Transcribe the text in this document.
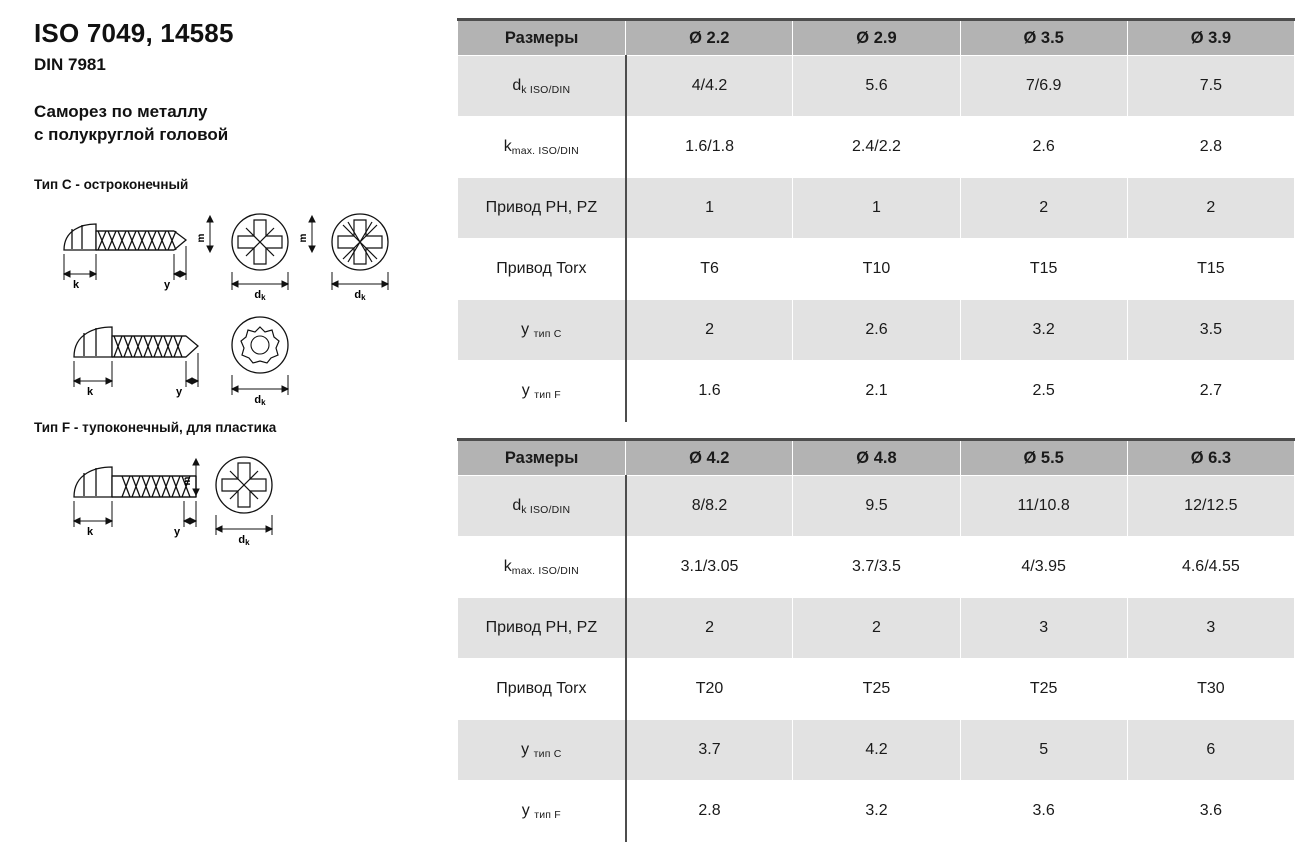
ISO 7049, 14585
DIN 7981
Саморез по металлу
с полукруглой головой
Тип C - остроконечный
k	y
dk
m
dk
m
k	y
dk
Тип F - тупоконечный, для пластика
k	y
dk
m
Размеры	Ø 2.2	Ø 2.9	Ø 3.5	Ø 3.9
dk ISO/DIN	4/4.2	5.6	7/6.9	7.5
kmax. ISO/DIN	1.6/1.8	2.4/2.2	2.6	2.8
Привод PH, PZ	1	1	2	2
Привод Torx	T6	T10	T15	T15
y тип C	2	2.6	3.2	3.5
y тип F	1.6	2.1	2.5	2.7
Размеры	Ø 4.2	Ø 4.8	Ø 5.5	Ø 6.3
dk ISO/DIN	8/8.2	9.5	11/10.8	12/12.5
kmax. ISO/DIN	3.1/3.05	3.7/3.5	4/3.95	4.6/4.55
Привод PH, PZ	2	2	3	3
Привод Torx	T20	T25	T25	T30
y тип C	3.7	4.2	5	6
y тип F	2.8	3.2	3.6	3.6
